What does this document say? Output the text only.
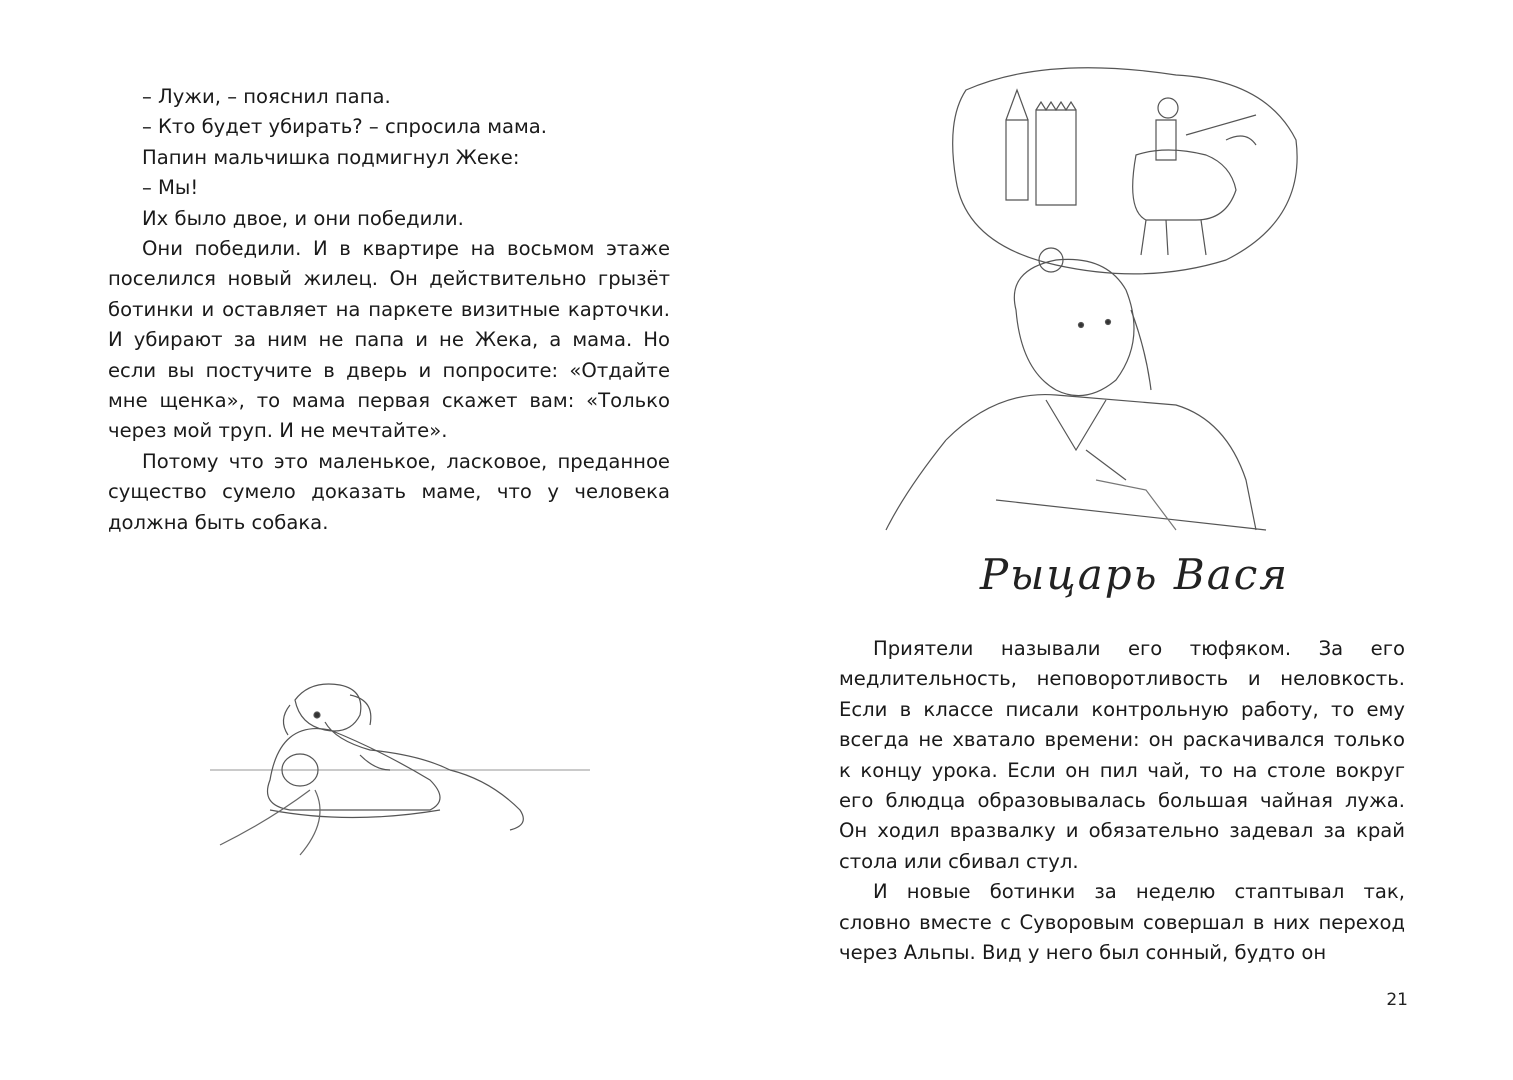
– Лужи, – пояснил папа.

– Кто будет убирать? – спросила мама.

Папин мальчишка подмигнул Жеке:

– Мы!

Их было двое, и они победили.

Они победили. И в квартире на восьмом этаже поселился новый жилец. Он действительно грызёт ботинки и оставляет на паркете визитные карточки. И убирают за ним не папа и не Жека, а мама. Но если вы постучите в дверь и попросите: «Отдайте мне щенка», то мама первая скажет вам: «Только через мой труп. И не мечтайте».

Потому что это маленькое, ласковое, преданное существо сумело доказать маме, что у человека должна быть собака.

Рыцарь Вася

Приятели называли его тюфяком. За его медлительность, неповоротливость и неловкость. Если в классе писали контрольную работу, то ему всегда не хватало времени: он раскачивался только к концу урока. Если он пил чай, то на столе вокруг его блюдца образовывалась большая чайная лужа. Он ходил вразвалку и обязательно задевал за край стола или сбивал стул.

И новые ботинки за неделю стаптывал так, словно вместе с Суворовым совершал в них переход через Альпы. Вид у него был сонный, будто он

21
